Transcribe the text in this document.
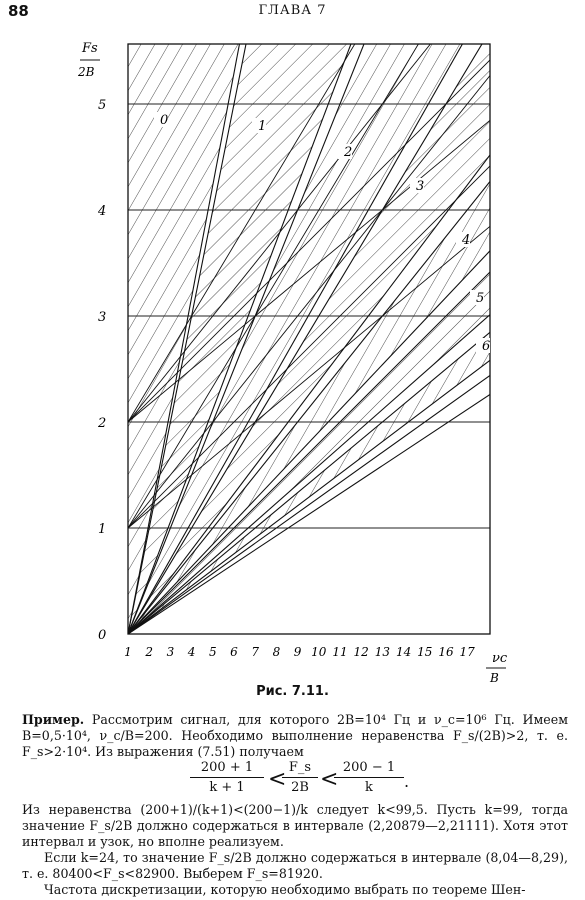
88	ГЛАВА 7
0
1
2
3
4
5
1 2 3 4 5 6 7 8 9 10 11 12 13 14 15 16 17
Fs
2B
νc
B
0	1
2
3
4
5
6
Рис. 7.11.

Пример. Рассмотрим сигнал, для которого 2B=10⁴ Гц и ν_c=10⁶ Гц. Имеем B=0,5·10⁴, ν_c/B=200. Необходимо выполнение неравенства F_s/(2B)>2, т. е. F_s>2·10⁴. Из выражения (7.51) получаем

$\frac{200 + 1}{k + 1}$ <
$\frac{F\_s}{2B}$ <
$\frac{200 - 1}{k}$ .

Из неравенства (200+1)/(k+1)<(200−1)/k следует k<99,5. Пусть k=99, тогда значение F_s/2B должно содержаться в интервале (2,20879—2,21111). Хотя этот интервал и узок, но вполне реализуем.

Если k=24, то значение F_s/2B должно содержаться в интервале (8,04—8,29), т. е. 80400<F_s<82900. Выберем F_s=81920.

Частота дискретизации, которую необходимо выбрать по теореме Шен-
